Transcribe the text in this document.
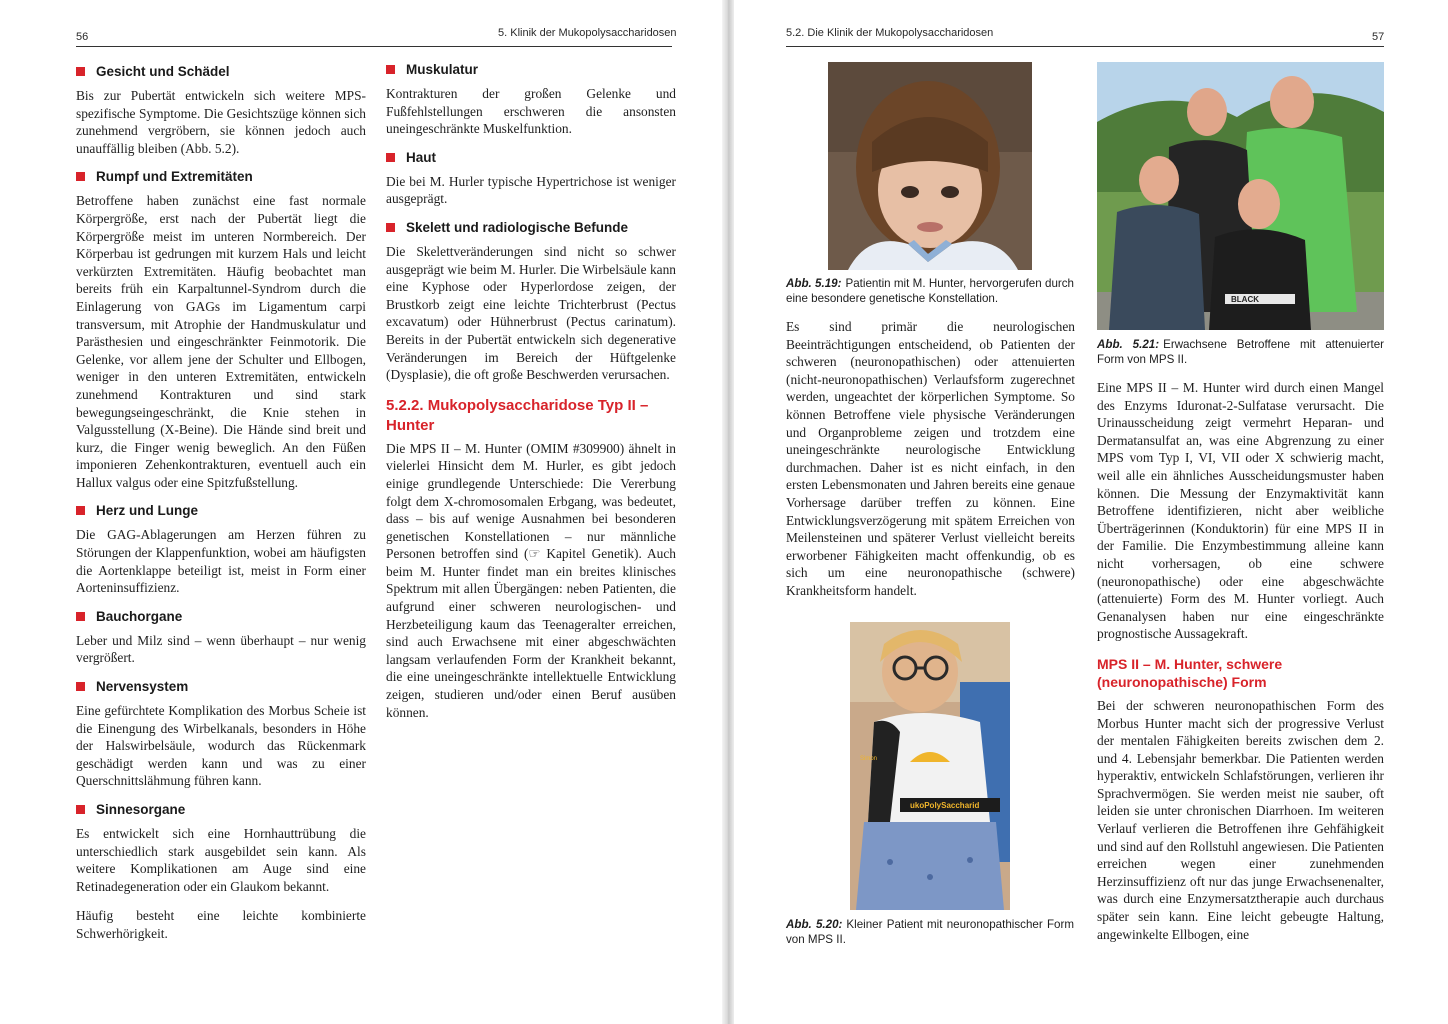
56	5. Klinik der Mukopolysaccharidosen
Gesicht und Schädel
Bis zur Pubertät entwickeln sich weitere MPS-spezifische Symptome. Die Gesichtszüge können sich zunehmend vergröbern, sie können jedoch auch unauffällig bleiben (Abb. 5.2).
Rumpf und Extremitäten
Betroffene haben zunächst eine fast normale Körpergröße, erst nach der Pubertät liegt die Körpergröße meist im unteren Normbereich. Der Körperbau ist gedrungen mit kurzem Hals und leicht verkürzten Extremitäten. Häufig beobachtet man bereits früh ein Karpaltunnel-Syndrom durch die Einlagerung von GAGs im Ligamentum carpi transversum, mit Atrophie der Handmuskulatur und Parästhesien und eingeschränkter Feinmotorik. Die Gelenke, vor allem jene der Schulter und Ellbogen, weniger in den unteren Extremitäten, entwickeln zunehmend Kontrakturen und sind stark bewegungseingeschränkt, die Knie stehen in Valgusstellung (X-Beine). Die Hände sind breit und kurz, die Finger wenig beweglich. An den Füßen imponieren Zehenkontrakturen, eventuell auch ein Hallux valgus oder eine Spitzfußstellung.
Herz und Lunge
Die GAG-Ablagerungen am Herzen führen zu Störungen der Klappenfunktion, wobei am häufigsten die Aortenklappe beteiligt ist, meist in Form einer Aorteninsuffizienz.
Bauchorgane
Leber und Milz sind – wenn überhaupt – nur wenig vergrößert.
Nervensystem
Eine gefürchtete Komplikation des Morbus Scheie ist die Einengung des Wirbelkanals, besonders in Höhe der Halswirbelsäule, wodurch das Rückenmark geschädigt werden kann und was zu einer Querschnittslähmung führen kann.
Sinnesorgane
Es entwickelt sich eine Hornhauttrübung die unterschiedlich stark ausgebildet sein kann. Als weitere Komplikationen am Auge sind eine Retinadegeneration oder ein Glaukom bekannt.
Häufig besteht eine leichte kombinierte Schwerhörigkeit.
Muskulatur
Kontrakturen der großen Gelenke und Fußfehlstellungen erschweren die ansonsten uneingeschränkte Muskelfunktion.
Haut
Die bei M. Hurler typische Hypertrichose ist weniger ausgeprägt.
Skelett und radiologische Befunde
Die Skelettveränderungen sind nicht so schwer ausgeprägt wie beim M. Hurler. Die Wirbelsäule kann eine Kyphose oder Hyperlordose zeigen, der Brustkorb zeigt eine leichte Trichterbrust (Pectus excavatum) oder Hühnerbrust (Pectus carinatum). Bereits in der Pubertät entwickeln sich degenerative Veränderungen im Bereich der Hüftgelenke (Dysplasie), die oft große Beschwerden verursachen.
5.2.2. Mukopolysaccharidose Typ II – Hunter
Die MPS II – M. Hunter (OMIM #309900) ähnelt in vielerlei Hinsicht dem M. Hurler, es gibt jedoch einige grundlegende Unterschiede: Die Vererbung folgt dem X-chromosomalen Erbgang, was bedeutet, dass – bis auf wenige Ausnahmen bei besonderen genetischen Konstellationen – nur männliche Personen betroffen sind (☞ Kapitel Genetik). Auch beim M. Hunter findet man ein breites klinisches Spektrum mit allen Übergängen: neben Patienten, die aufgrund einer schweren neurologischen- und Herzbeteiligung kaum das Teenageralter erreichen, sind auch Erwachsene mit einer abgeschwächten langsam verlaufenden Form der Krankheit bekannt, die eine uneingeschränkte intellektuelle Entwicklung zeigen, studieren und/oder einen Beruf ausüben können.
5.2. Die Klinik der Mukopolysaccharidosen	57
Abb. 5.19: Patientin mit M. Hunter, hervorgerufen durch eine besondere genetische Konstellation.
Es sind primär die neurologischen Beeinträchtigungen entscheidend, ob Patienten der schweren (neuronopathischen) oder attenuierten (nicht-neuronopathischen) Verlaufsform zugerechnet werden, ungeachtet der körperlichen Symptome. So können Betroffene viele physische Veränderungen und Organprobleme zeigen und trotzdem eine uneingeschränkte neurologische Entwicklung durchmachen. Daher ist es nicht einfach, in den ersten Lebensmonaten und Jahren bereits eine genaue Vorhersage darüber treffen zu können. Eine Entwicklungsverzögerung mit spätem Erreichen von Meilensteinen und späterer Verlust vielleicht bereits erworbener Fähigkeiten macht offenkundig, ob es sich um eine neuronopathische (schwere) Krankheitsform handelt.
ukoPolySaccharid
Simon
Abb. 5.20: Kleiner Patient mit neuronopathischer Form von MPS II.
BLACK
Abb. 5.21: Erwachsene Betroffene mit attenuierter Form von MPS II.
Eine MPS II – M. Hunter wird durch einen Mangel des Enzyms Iduronat-2-Sulfatase verursacht. Die Urinausscheidung zeigt vermehrt Heparan- und Dermatansulfat an, was eine Abgrenzung zu einer MPS vom Typ I, VI, VII oder X schwierig macht, weil alle ein ähnliches Ausscheidungsmuster haben können. Die Messung der Enzymaktivität kann Betroffene identifizieren, nicht aber weibliche Überträgerinnen (Konduktorin) für eine MPS II in der Familie. Die Enzymbestimmung alleine kann nicht vorhersagen, ob eine schwere (neuronopathische) oder eine abgeschwächte (attenuierte) Form des M. Hunter vorliegt. Auch Genanalysen haben nur eine eingeschränkte prognostische Aussagekraft.
MPS II – M. Hunter, schwere (neuronopathische) Form
Bei der schweren neuronopathischen Form des Morbus Hunter macht sich der progressive Verlust der mentalen Fähigkeiten bereits zwischen dem 2. und 4. Lebensjahr bemerkbar. Die Patienten werden hyperaktiv, entwickeln Schlafstörungen, verlieren ihr Sprachvermögen. Sie werden meist nie sauber, oft leiden sie unter chronischen Diarrhoen. Im weiteren Verlauf verlieren die Betroffenen ihre Gehfähigkeit und sind auf den Rollstuhl angewiesen. Die Patienten erreichen wegen einer zunehmenden Herzinsuffizienz oft nur das junge Erwachsenenalter, was durch eine Enzymersatztherapie auch durchaus später sein kann. Eine leicht gebeugte Haltung, angewinkelte Ellbogen, eine
